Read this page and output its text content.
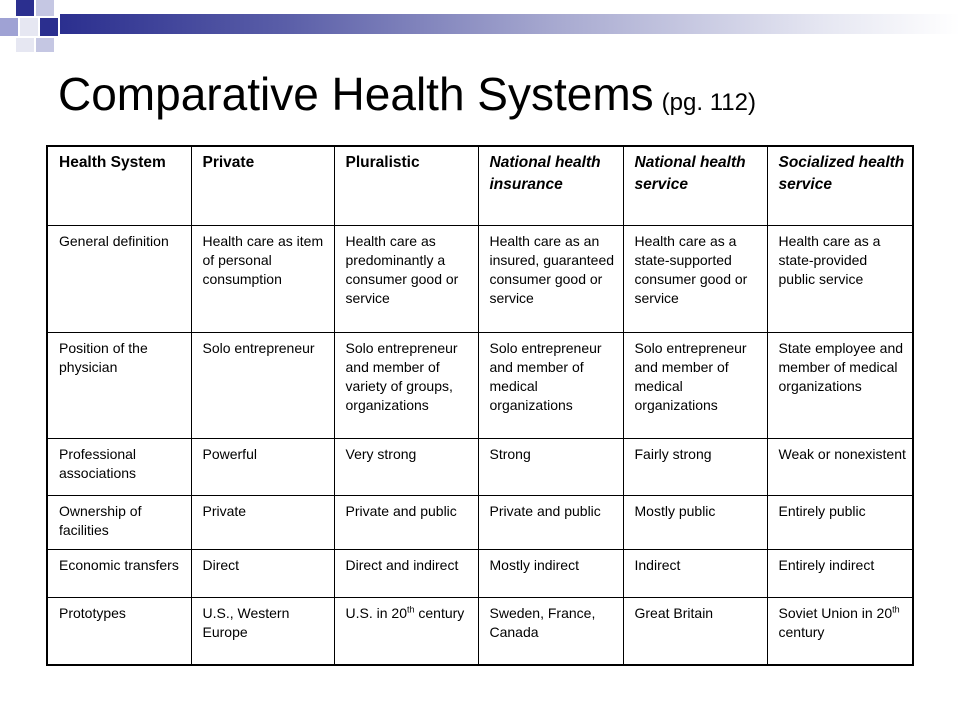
Comparative Health Systems (pg. 112)
Health System	Private	Pluralistic	National health insurance	National health service	Socialized health service
General definition	Health care as item of personal consumption	Health care as predominantly a consumer good or service	Health care as an insured, guaranteed consumer good or service	Health care as a state-supported consumer good or service	Health care as a state-provided public service
Position of the physician	Solo entrepreneur	Solo entrepreneur and member of variety of groups, organizations	Solo entrepreneur and member of medical organizations	Solo entrepreneur and member of medical organizations	State employee and member of medical organizations
Professional associations	Powerful	Very strong	Strong	Fairly strong	Weak or nonexistent
Ownership of facilities	Private	Private and public	Private and public	Mostly public	Entirely public
Economic transfers	Direct	Direct and indirect	Mostly indirect	Indirect	Entirely indirect
Prototypes	U.S., Western Europe	U.S. in 20th century	Sweden, France, Canada	Great Britain	Soviet Union in 20th century
